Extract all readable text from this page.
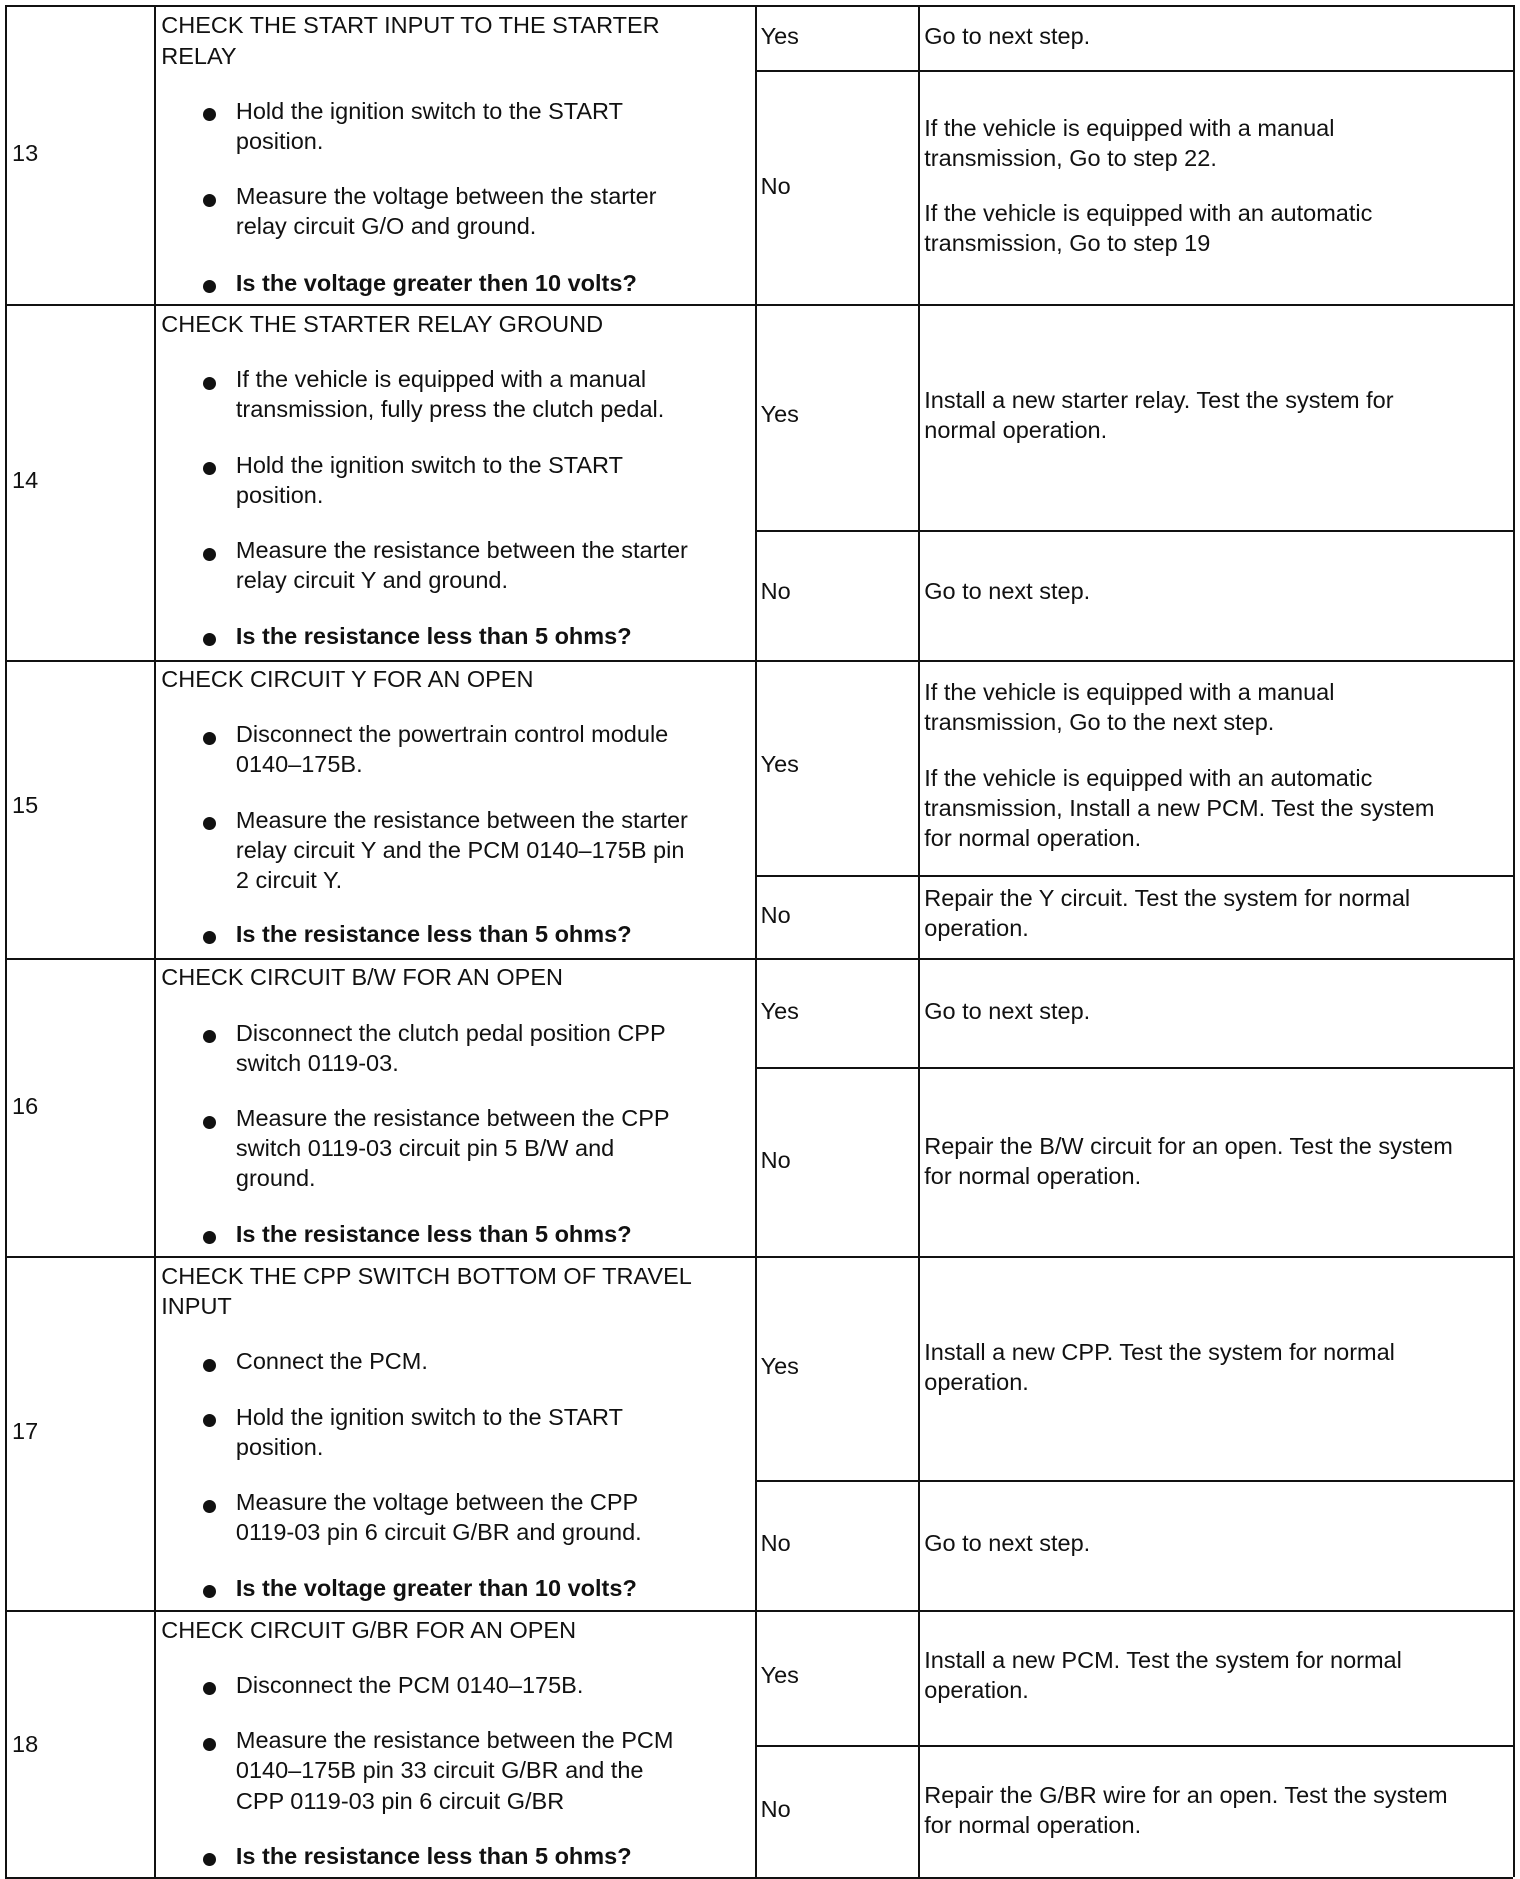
13
CHECK THE START INPUT TO THE STARTER
RELAY
Hold the ignition switch to the START
position.
Measure the voltage between the starter
relay circuit G/O and ground.
Is the voltage greater then 10 volts?
Yes
No
Go to next step.
If the vehicle is equipped with a manual
transmission, Go to step 22.
If the vehicle is equipped with an automatic
transmission, Go to step 19
14
CHECK THE STARTER RELAY GROUND
If the vehicle is equipped with a manual
transmission, fully press the clutch pedal.
Hold the ignition switch to the START
position.
Measure the resistance between the starter
relay circuit Y and ground.
Is the resistance less than 5 ohms?
Yes
No
Install a new starter relay. Test the system for
normal operation.
Go to next step.
15
CHECK CIRCUIT Y FOR AN OPEN
Disconnect the powertrain control module
0140–175B.
Measure the resistance between the starter
relay circuit Y and the PCM 0140–175B pin
2 circuit Y.
Is the resistance less than 5 ohms?
Yes
No
If the vehicle is equipped with a manual
transmission, Go to the next step.
If the vehicle is equipped with an automatic
transmission, Install a new PCM. Test the system
for normal operation.
Repair the Y circuit. Test the system for normal
operation.
16
CHECK CIRCUIT B/W FOR AN OPEN
Disconnect the clutch pedal position CPP
switch 0119-03.
Measure the resistance between the CPP
switch 0119-03 circuit pin 5 B/W and
ground.
Is the resistance less than 5 ohms?
Yes
No
Go to next step.
Repair the B/W circuit for an open. Test the system
for normal operation.
17
CHECK THE CPP SWITCH BOTTOM OF TRAVEL
INPUT
Connect the PCM.
Hold the ignition switch to the START
position.
Measure the voltage between the CPP
0119-03 pin 6 circuit G/BR and ground.
Is the voltage greater than 10 volts?
Yes
No
Install a new CPP. Test the system for normal
operation.
Go to next step.
18
CHECK CIRCUIT G/BR FOR AN OPEN
Disconnect the PCM 0140–175B.
Measure the resistance between the PCM
0140–175B pin 33 circuit G/BR and the
CPP 0119-03 pin 6 circuit G/BR
Is the resistance less than 5 ohms?
Yes
No
Install a new PCM. Test the system for normal
operation.
Repair the G/BR wire for an open. Test the system
for normal operation.
